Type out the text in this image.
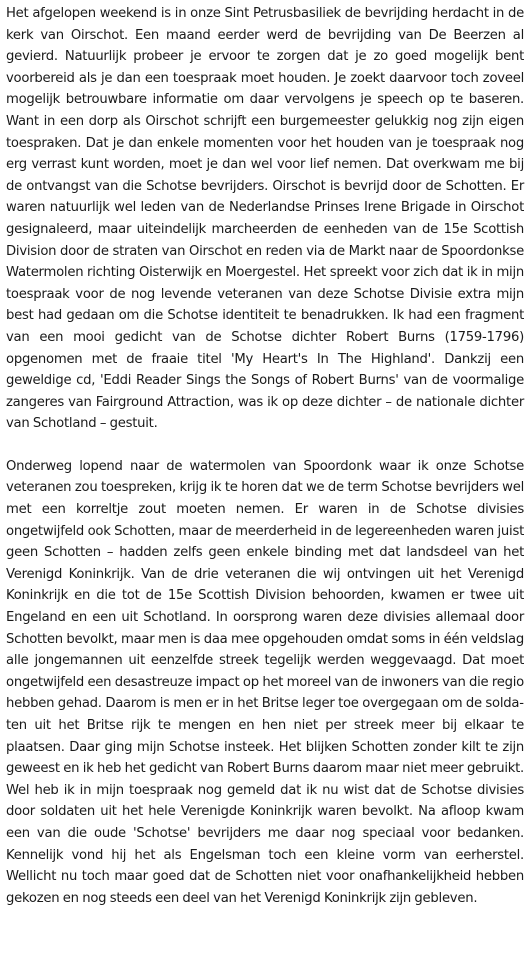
Het afgelopen weekend is in onze Sint Petrusbasiliek de bevrijding herdacht in de kerk van Oirschot. Een maand eerder werd de bevrijding van De Beerzen al gevierd. Natuurlijk probeer je ervoor te zorgen dat je zo goed mogelijk bent voorbereid als je dan een toespraak moet houden. Je zoekt daarvoor toch zoveel mogelijk betrouwbare informatie om daar vervolgens je speech op te baseren. Want in een dorp als Oirschot schrijft een burgemeester gelukkig nog zijn eigen toespraken. Dat je dan enkele momenten voor het houden van je toespraak nog erg verrast kunt worden, moet je dan wel voor lief nemen. Dat overkwam me bij de ontvangst van die Schotse bevrijders. Oirschot is bevrijd door de Schotten. Er waren natuurlijk wel leden van de Nederlandse Prinses Irene Brigade in Oirschot gesignaleerd, maar uiteindelijk marcheerden de eenheden van de 15e Scottish Division door de straten van Oirschot en reden via de Markt naar de Spoordonkse Watermolen richting Oisterwijk en Moergestel. Het spreekt voor zich dat ik in mijn toespraak voor de nog levende veteranen van deze Schotse Divisie extra mijn best had gedaan om die Schotse identiteit te benadrukken. Ik had een fragment van een mooi gedicht van de Schotse dichter Robert Burns (1759-1796) opgenomen met de fraaie titel 'My Heart's In The Highland'. Dankzij een geweldige cd, 'Eddi Reader Sings the Songs of Robert Burns' van de voormalige zangeres van Fairground Attraction, was ik op deze dichter – de nationale dichter van Schotland – gestuit.

Onderweg lopend naar de watermolen van Spoordonk waar ik onze Schotse veteranen zou toespreken, krijg ik te horen dat we de term Schotse bevrijders wel met een korreltje zout moeten nemen. Er waren in de Schotse divisies ongetwijfeld ook Schotten, maar de meerderheid in de legereenheden waren juist geen Schotten – hadden zelfs geen enkele binding met dat landsdeel van het Verenigd Koninkrijk. Van de drie veteranen die wij ontvingen uit het Verenigd Koninkrijk en die tot de 15e Scottish Division behoorden, kwamen er twee uit Engeland en een uit Schotland. In oorsprong waren deze divisies allemaal door Schotten bevolkt, maar men is daa mee opgehouden omdat soms in één veldslag alle jongemannen uit eenzelfde streek tegelijk werden weggevaagd. Dat moet ongetwijfeld een desastreuze impact op het moreel van de inwoners van die regio hebben gehad. Daarom is men er in het Britse leger toe overgegaan om de soldaten uit het Britse rijk te mengen en hen niet per streek meer bij elkaar te plaatsen. Daar ging mijn Schotse insteek. Het blijken Schotten zonder kilt te zijn geweest en ik heb het gedicht van Robert Burns daarom maar niet meer gebruikt. Wel heb ik in mijn toespraak nog gemeld dat ik nu wist dat de Schotse divisies door soldaten uit het hele Verenigde Koninkrijk waren bevolkt. Na afloop kwam een van die oude 'Schotse' bevrijders me daar nog speciaal voor bedanken. Kennelijk vond hij het als Engelsman toch een kleine vorm van eerherstel. Wellicht nu toch maar goed dat de Schotten niet voor onafhankelijkheid hebben gekozen en nog steeds een deel van het Verenigd Koninkrijk zijn gebleven.
